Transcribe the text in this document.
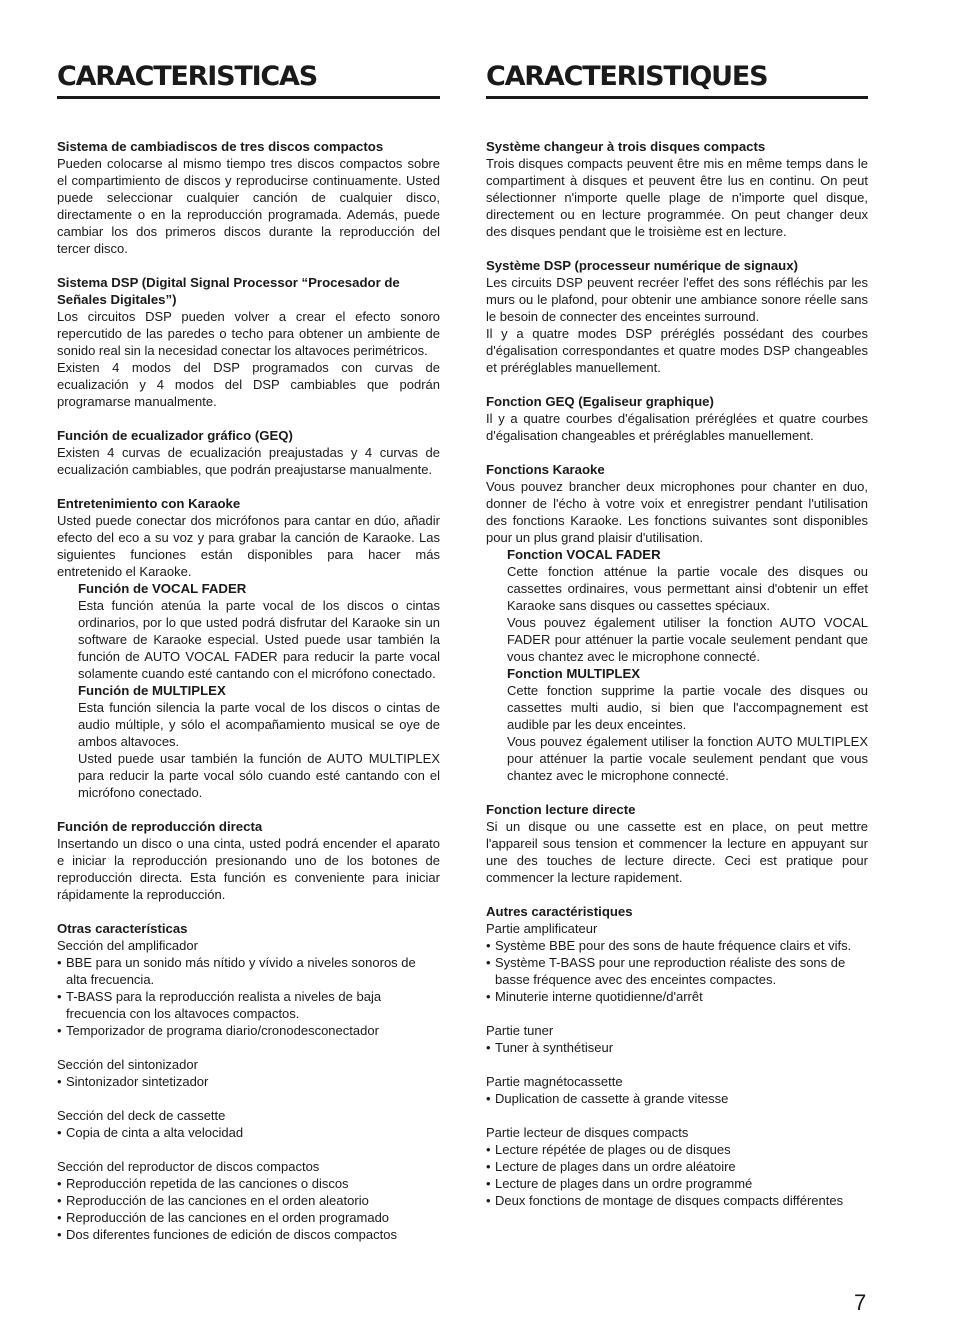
CARACTERISTICAS
Sistema de cambiadiscos de tres discos compactos

Pueden colocarse al mismo tiempo tres discos compactos sobre el compartimiento de discos y reproducirse continuamente. Usted puede seleccionar cualquier canción de cualquier disco, directamente o en la reproducción programada. Además, puede cambiar los dos primeros discos durante la reproducción del tercer disco.

Sistema DSP (Digital Signal Processor “Procesador de Señales Digitales”)

Los circuitos DSP pueden volver a crear el efecto sonoro repercutido de las paredes o techo para obtener un ambiente de sonido real sin la necesidad conectar los altavoces perimétricos.

Existen 4 modos del DSP programados con curvas de ecualización y 4 modos del DSP cambiables que podrán programarse manualmente.

Función de ecualizador gráfico (GEQ)

Existen 4 curvas de ecualización preajustadas y 4 curvas de ecualización cambiables, que podrán preajustarse manualmente.

Entretenimiento con Karaoke

Usted puede conectar dos micrófonos para cantar en dúo, añadir efecto del eco a su voz y para grabar la canción de Karaoke. Las siguientes funciones están disponibles para hacer más entretenido el Karaoke.

Función de VOCAL FADER

Esta función atenúa la parte vocal de los discos o cintas ordinarios, por lo que usted podrá disfrutar del Karaoke sin un software de Karaoke especial. Usted puede usar también la función de AUTO VOCAL FADER para reducir la parte vocal solamente cuando esté cantando con el micrófono conectado.

Función de MULTIPLEX

Esta función silencia la parte vocal de los discos o cintas de audio múltiple, y sólo el acompañamiento musical se oye de ambos altavoces.

Usted puede usar también la función de AUTO MULTIPLEX para reducir la parte vocal sólo cuando esté cantando con el micrófono conectado.

Función de reproducción directa

Insertando un disco o una cinta, usted podrá encender el aparato e iniciar la reproducción presionando uno de los botones de reproducción directa. Esta función es conveniente para iniciar rápidamente la reproducción.

Otras características
Sección del amplificador
• BBE para un sonido más nítido y vívido a niveles sonoros de alta frecuencia.
• T-BASS para la reproducción realista a niveles de baja frecuencia con los altavoces compactos.
• Temporizador de programa diario/cronodesconectador
Sección del sintonizador
• Sintonizador sintetizador
Sección del deck de cassette
• Copia de cinta a alta velocidad
Sección del reproductor de discos compactos
• Reproducción repetida de las canciones o discos
• Reproducción de las canciones en el orden aleatorio
• Reproducción de las canciones en el orden programado
• Dos diferentes funciones de edición de discos compactos
CARACTERISTIQUES
Système changeur à trois disques compacts

Trois disques compacts peuvent être mis en même temps dans le compartiment à disques et peuvent être lus en continu. On peut sélectionner n'importe quelle plage de n'importe quel disque, directement ou en lecture programmée. On peut changer deux des disques pendant que le troisième est en lecture.

Système DSP (processeur numérique de signaux)

Les circuits DSP peuvent recréer l'effet des sons réfléchis par les murs ou le plafond, pour obtenir une ambiance sonore réelle sans le besoin de connecter des enceintes surround.

Il y a quatre modes DSP préréglés possédant des courbes d'égalisation correspondantes et quatre modes DSP changeables et préréglables manuellement.

Fonction GEQ (Egaliseur graphique)

Il y a quatre courbes d'égalisation préréglées et quatre courbes d'égalisation changeables et préréglables manuellement.

Fonctions Karaoke

Vous pouvez brancher deux microphones pour chanter en duo, donner de l'écho à votre voix et enregistrer pendant l'utilisation des fonctions Karaoke. Les fonctions suivantes sont disponibles pour un plus grand plaisir d'utilisation.

Fonction VOCAL FADER

Cette fonction atténue la partie vocale des disques ou cassettes ordinaires, vous permettant ainsi d'obtenir un effet Karaoke sans disques ou cassettes spéciaux.

Vous pouvez également utiliser la fonction AUTO VOCAL FADER pour atténuer la partie vocale seulement pendant que vous chantez avec le microphone connecté.

Fonction MULTIPLEX

Cette fonction supprime la partie vocale des disques ou cassettes multi audio, si bien que l'accompagnement est audible par les deux enceintes.

Vous pouvez également utiliser la fonction AUTO MULTIPLEX pour atténuer la partie vocale seulement pendant que vous chantez avec le microphone connecté.

Fonction lecture directe

Si un disque ou une cassette est en place, on peut mettre l'appareil sous tension et commencer la lecture en appuyant sur une des touches de lecture directe. Ceci est pratique pour commencer la lecture rapidement.

Autres caractéristiques
Partie amplificateur
• Système BBE pour des sons de haute fréquence clairs et vifs.
• Système T-BASS pour une reproduction réaliste des sons de basse fréquence avec des enceintes compactes.
• Minuterie interne quotidienne/d'arrêt
Partie tuner
• Tuner à synthétiseur
Partie magnétocassette
• Duplication de cassette à grande vitesse
Partie lecteur de disques compacts
• Lecture répétée de plages ou de disques
• Lecture de plages dans un ordre aléatoire
• Lecture de plages dans un ordre programmé
• Deux fonctions de montage de disques compacts différentes
7
